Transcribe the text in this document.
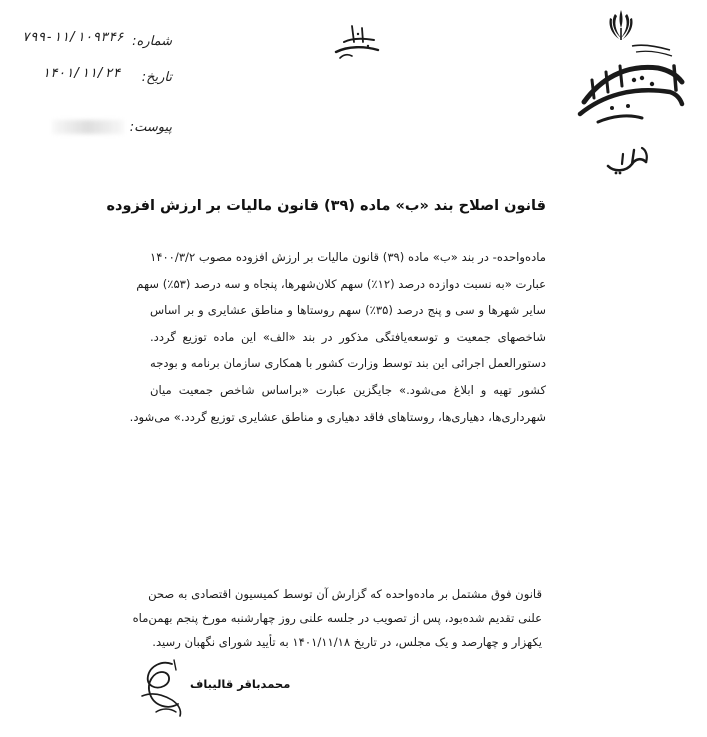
۷۹۹-۱۱/۱۰۹۳۴۶ شماره:
۱۴۰۱/۱۱/۲۴ تاریخ:
پیوست:
قانون اصلاح بند «ب» ماده (۳۹) قانون مالیات بر ارزش افزوده
ماده‌واحده- در بند «ب» ماده (۳۹) قانون مالیات بر ارزش افزوده مصوب ۱۴۰۰/۳/۲
عبارت «به نسبت دوازده درصد (۱۲٪) سهم کلان‌شهرها، پنجاه و سه درصد (۵۳٪) سهم
سایر شهرها و سی و پنج درصد (۳۵٪) سهم روستاها و مناطق عشایری و بر اساس
شاخصهای جمعیت و توسعه‌یافتگی مذکور در بند «الف» این ماده توزیع گردد.
دستورالعمل اجرائی این بند توسط وزارت کشور با همکاری سازمان برنامه و بودجه
کشور تهیه و ابلاغ می‌شود.» جایگزین عبارت «براساس شاخص جمعیت میان
شهرداری‌ها، دهیاری‌ها، روستاهای فاقد دهیاری و مناطق عشایری توزیع گردد.» می‌شود.
قانون فوق مشتمل بر ماده‌واحده که گزارش آن توسط کمیسیون اقتصادی به صحن
علنی تقدیم شده‌بود، پس از تصویب در جلسه علنی روز چهارشنبه مورخ پنجم بهمن‌ماه
یکهزار و چهارصد و یک مجلس، در تاریخ ۱۴۰۱/۱۱/۱۸ به تأیید شورای نگهبان رسید.
محمدباقر قالیباف
